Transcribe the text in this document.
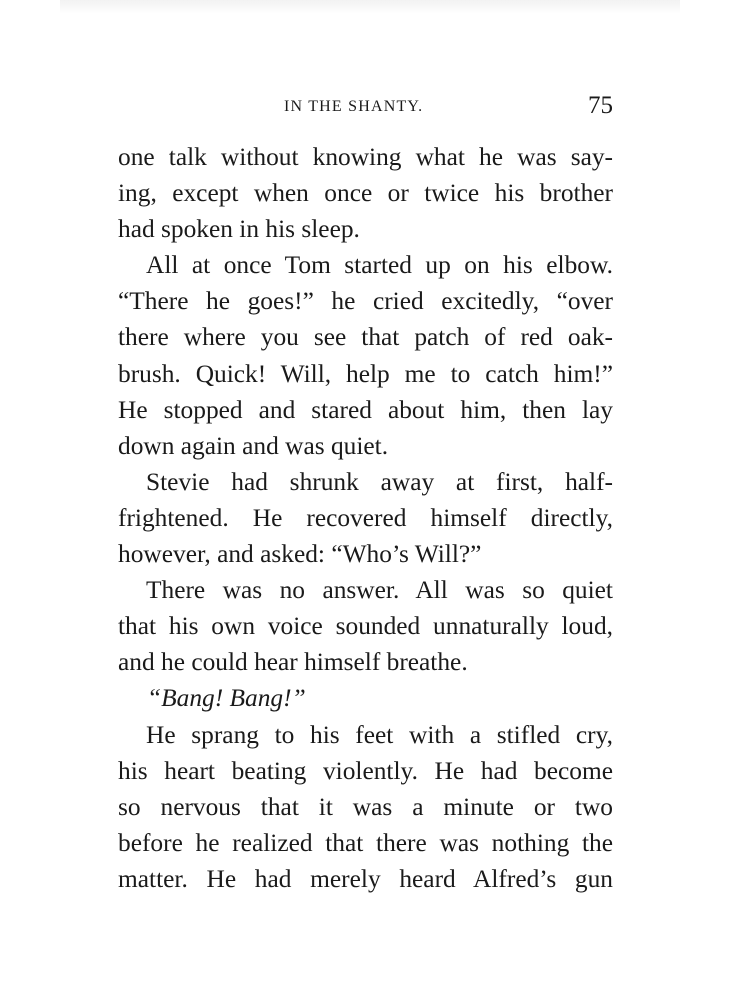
IN THE SHANTY.	75
one talk without knowing what he was say-
ing, except when once or twice his brother
had spoken in his sleep.
All at once Tom started up on his elbow.
“There he goes!” he cried excitedly, “over
there where you see that patch of red oak-
brush. Quick! Will, help me to catch him!”
He stopped and stared about him, then lay
down again and was quiet.
Stevie had shrunk away at first, half-
frightened. He recovered himself directly,
however, and asked: “Who’s Will?”
There was no answer. All was so quiet
that his own voice sounded unnaturally loud,
and he could hear himself breathe.
“Bang! Bang!”
He sprang to his feet with a stifled cry,
his heart beating violently. He had become
so nervous that it was a minute or two
before he realized that there was nothing the
matter. He had merely heard Alfred’s gun
